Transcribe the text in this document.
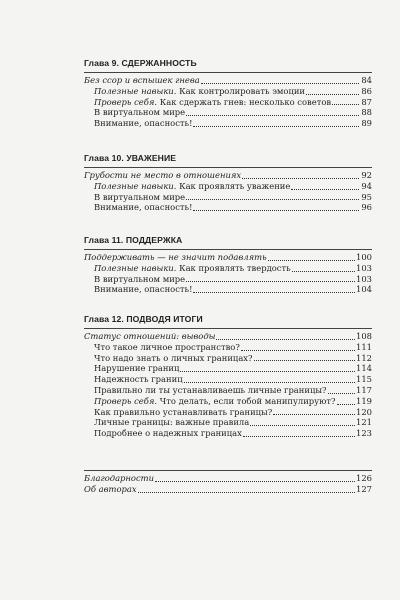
Глава 9. СДЕРЖАННОСТЬ
Без ссор и вспышек гнева	84
Полезные навыки. Как контролировать эмоции	86
Проверь себя. Как сдержать гнев: несколько советов	87
В виртуальном мире	88
Внимание, опасность!	89
Глава 10. УВАЖЕНИЕ
Грубости не место в отношениях	92
Полезные навыки. Как проявлять уважение	94
В виртуальном мире	95
Внимание, опасность!	96
Глава 11. ПОДДЕРЖКА
Поддерживать — не значит подавлять	100
Полезные навыки. Как проявлять твердость	103
В виртуальном мире	103
Внимание, опасность!	104
Глава 12. ПОДВОДЯ ИТОГИ
Статус отношений: выводы	108
Что такое личное пространство?	111
Что надо знать о личных границах?	112
Нарушение границ	114
Надежность границ	115
Правильно ли ты устанавливаешь личные границы?	117
Проверь себя. Что делать, если тобой манипулируют? 119
Как правильно устанавливать границы?	120
Личные границы: важные правила	121
Подробнее о надежных границах	123
Благодарности	126
Об авторах	127
